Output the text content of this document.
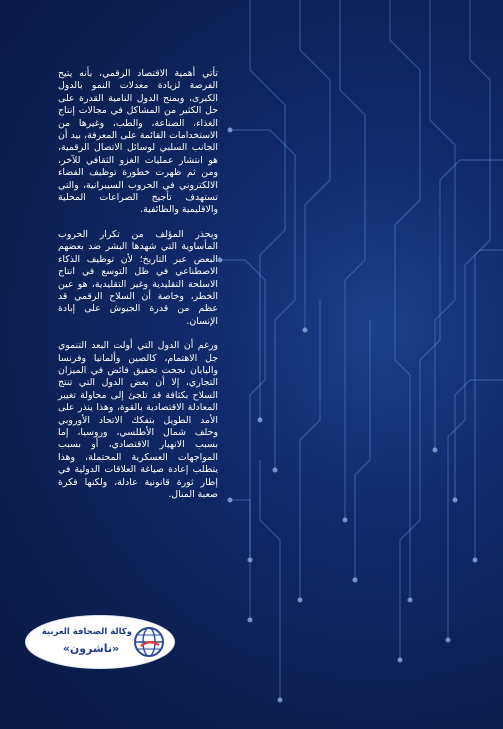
تأتي أهمية الاقتصاد الرقمي، بأنه يتيح الفرصة لزيادة معدلات النمو بالدول الكبرى، ويمنح الدول النامية القدرة على حل الكثير من المشاكل في مجالات إنتاج الغذاء، الصناعة، والطب، وغيرها من الاستخدامات القائمة على المعرفة، بيد أن الجانب السلبي لوسائل الاتصال الرقمية، هو انتشار عمليات الغزو الثقافي للآخر، ومن ثم ظهرت خطورة توظيف الفضاء الالكتروني في الحروب السيبرانية، والتي تستهدف تأجيج الصراعات المحلية والاقليمية والطائفية.

ويحذر المؤلف من تكرار الحروب المأساوية التي شهدها البشر ضد بعضهم البعض عبر التاريخ؛ لأن توظيف الذكاء الاصطناعي في ظل التوسع في انتاج الاسلحة التقليدية وغير التقليدية، هو عين الخطر، وخاصة أن السلاح الرقمي قد عظم من قدرة الجيوش على إبادة الإنسان.

ورغم أن الدول التي أولت البعد التنموي جل الاهتمام، كالصين وألمانيا وفرنسا واليابان نجحت تحقيق فائض في الميزان التجاري، إلا أن بعض الدول التي تنتج السلاح بكثافة قد تلجئ إلى محاولة تغيير المعادلة الاقتصادية بالقوة، وهذا ينذر على الأمد الطويل بتفكك الاتحاد الأوروبي وحلف شمال الأطلسي، وروسيا، إما بسبب الانهيار الاقتصادي، أو بسبب المواجهات العسكرية المحتملة، وهذا يتطلب إعادة صياغة العلاقات الدولية في إطار ثورة قانونية عادلة، ولكنها فكرة صعبة المنال.

وكالة الصحافة العربية
«ناشرون»
